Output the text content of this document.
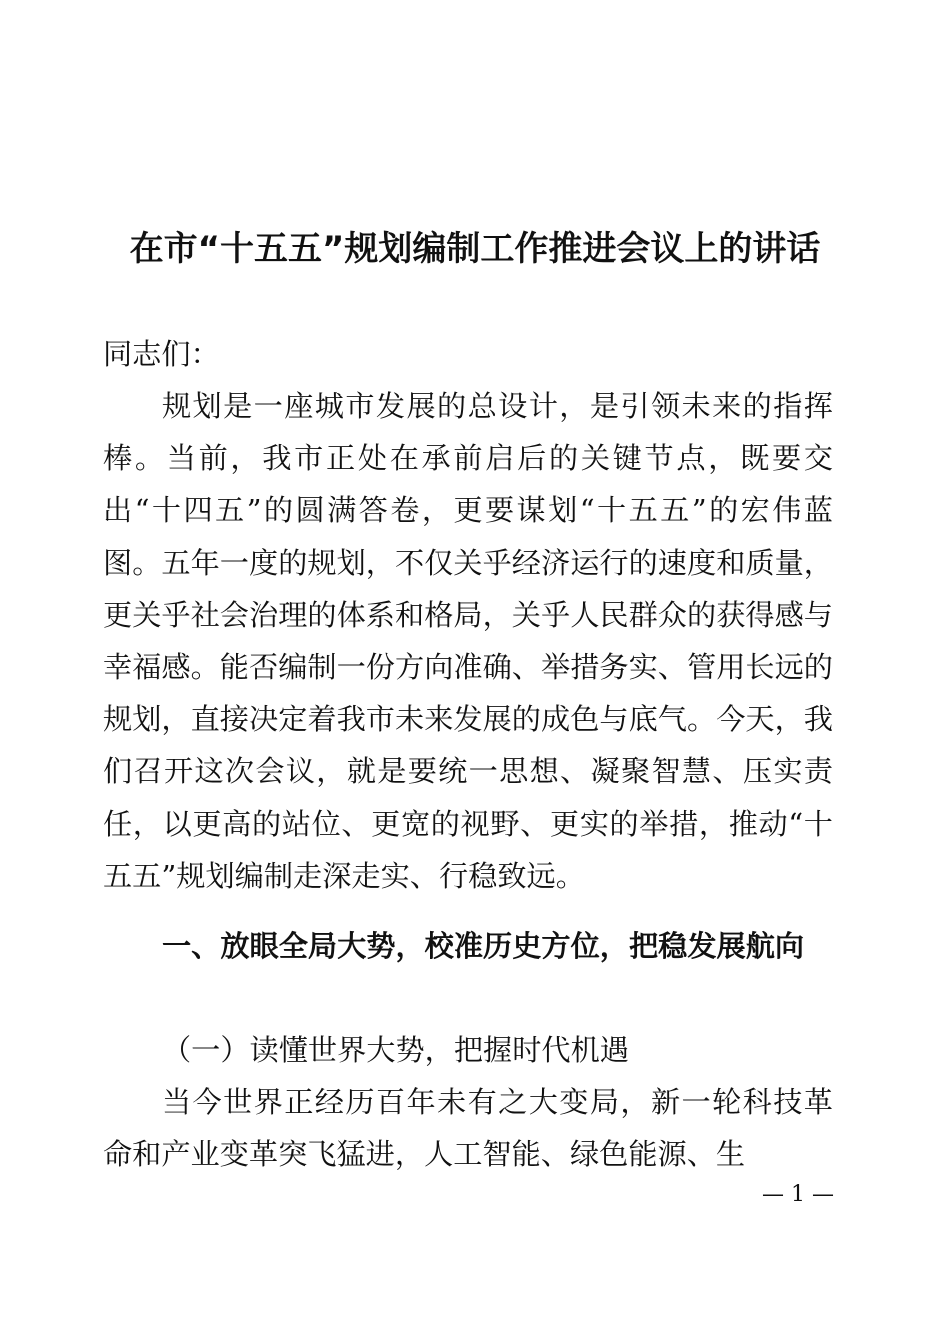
在市“十五五”规划编制工作推进会议上的讲话

同志们：

规划是一座城市发展的总设计，是引领未来的指挥棒。当前，我市正处在承前启后的关键节点，既要交出“十四五”的圆满答卷，更要谋划“十五五”的宏伟蓝图。五年一度的规划，不仅关乎经济运行的速度和质量，更关乎社会治理的体系和格局，关乎人民群众的获得感与幸福感。能否编制一份方向准确、举措务实、管用长远的规划，直接决定着我市未来发展的成色与底气。今天，我们召开这次会议，就是要统一思想、凝聚智慧、压实责任，以更高的站位、更宽的视野、更实的举措，推动“十五五”规划编制走深走实、行稳致远。

一、放眼全局大势，校准历史方位，把稳发展航向

（一）读懂世界大势，把握时代机遇

当今世界正经历百年未有之大变局，新一轮科技革命和产业变革突飞猛进，人工智能、绿色能源、生

— 1 —
